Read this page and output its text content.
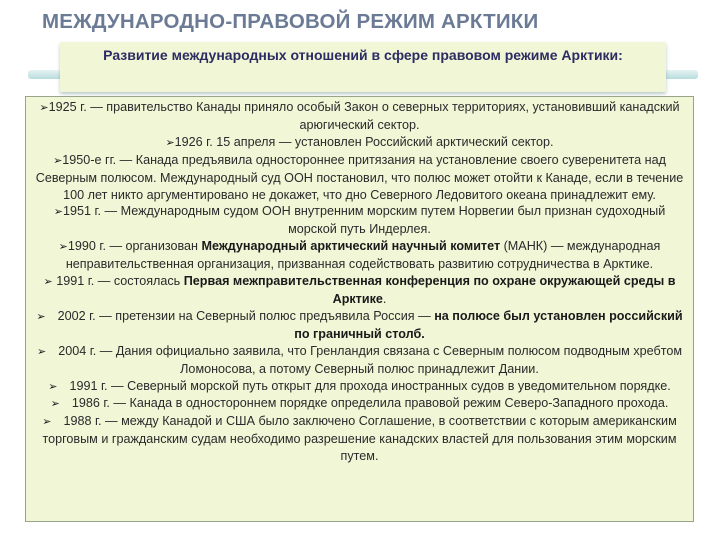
МЕЖДУНАРОДНО-ПРАВОВОЙ РЕЖИМ АРКТИКИ
Развитие международных отношений в сфере правовом режиме Арктики:

➢1925 г. — правительство Канады приняло особый Закон о северных территориях, установивший канадский арюгический сектор.

➢1926 г. 15 апреля — установлен Российский арктический сектор.

➢1950-е гг. — Канада предъявила одностороннее притязания на установление своего суверенитета над Северным полюсом. Международный суд ООН постановил, что полюс может отойти к Канаде, если в течение 100 лет никто аргументировано не докажет, что дно Северного Ледовитого океана принадлежит ему.

➢1951 г. — Международным судом ООН внутренним морским путем Норвегии был признан судоходный морской путь Индерлея.

➢1990 г. — организован Международный арктический научный комитет (МАНК) — международная неправительственная организация, призванная содействовать развитию сотрудничества в Арктике.

➢ 1991 г. — состоялась Первая межправительственная конференция по охране окружающей среды в Арктике.

➢ 2002 г. — претензии на Северный полюс предъявила Россия — на полюсе был установлен российский по граничный столб.

➢ 2004 г. — Дания официально заявила, что Гренландия связана с Северным полюсом подводным хребтом Ломоносова, а потому Северный полюс принадлежит Дании.

➢ 1991 г. — Северный морской путь открыт для прохода иностранных судов в уведомительном порядке.

➢ 1986 г. — Канада в одностороннем порядке определила правовой режим Северо-Западного прохода.

➢ 1988 г. — между Канадой и США было заключено Соглашение, в соответствии с которым американским торговым и гражданским судам необходимо разрешение канадских властей для пользования этим морским путем.
